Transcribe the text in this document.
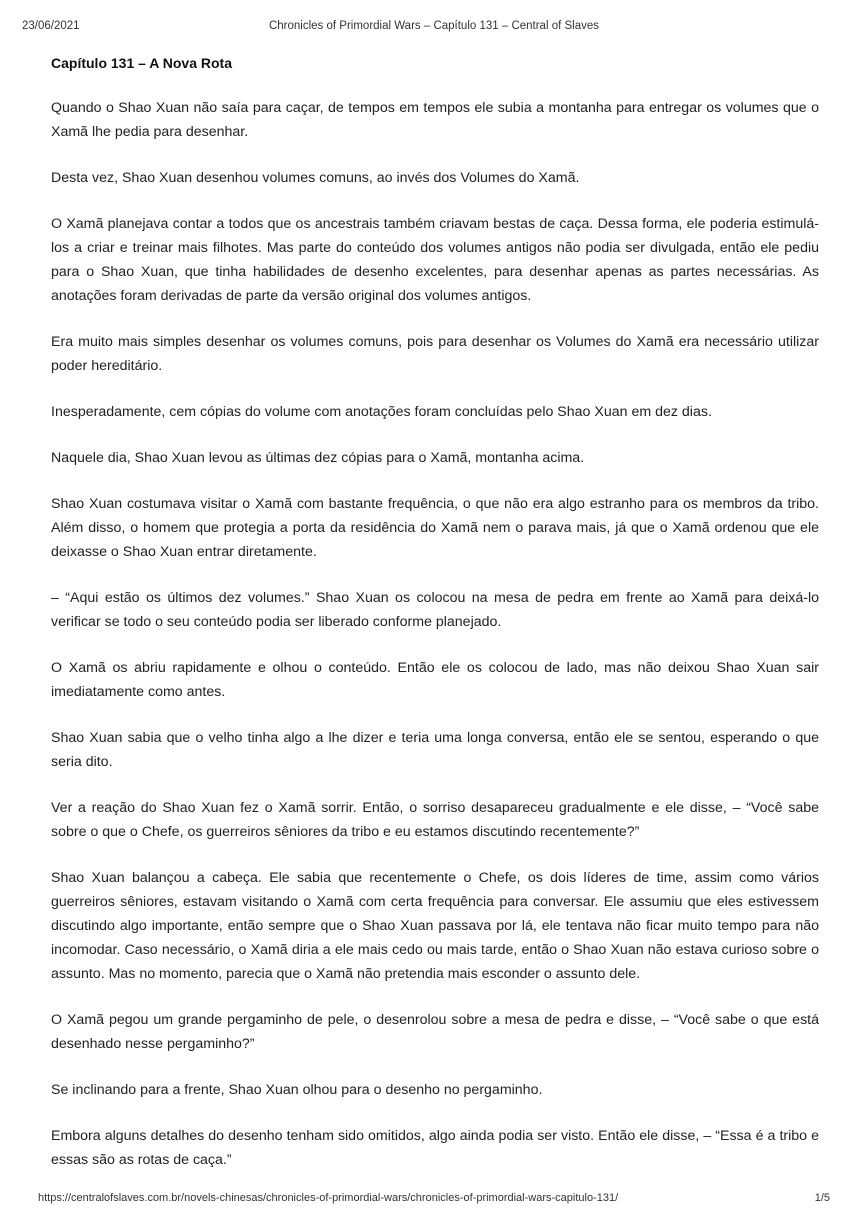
23/06/2021	Chronicles of Primordial Wars – Capítulo 131 – Central of Slaves
Capítulo 131 – A Nova Rota

Quando o Shao Xuan não saía para caçar, de tempos em tempos ele subia a montanha para entregar os volumes que o Xamã lhe pedia para desenhar.

Desta vez, Shao Xuan desenhou volumes comuns, ao invés dos Volumes do Xamã.

O Xamã planejava contar a todos que os ancestrais também criavam bestas de caça. Dessa forma, ele poderia estimulá-los a criar e treinar mais filhotes. Mas parte do conteúdo dos volumes antigos não podia ser divulgada, então ele pediu para o Shao Xuan, que tinha habilidades de desenho excelentes, para desenhar apenas as partes necessárias. As anotações foram derivadas de parte da versão original dos volumes antigos.

Era muito mais simples desenhar os volumes comuns, pois para desenhar os Volumes do Xamã era necessário utilizar poder hereditário.

Inesperadamente, cem cópias do volume com anotações foram concluídas pelo Shao Xuan em dez dias.

Naquele dia, Shao Xuan levou as últimas dez cópias para o Xamã, montanha acima.

Shao Xuan costumava visitar o Xamã com bastante frequência, o que não era algo estranho para os membros da tribo. Além disso, o homem que protegia a porta da residência do Xamã nem o parava mais, já que o Xamã ordenou que ele deixasse o Shao Xuan entrar diretamente.

– “Aqui estão os últimos dez volumes.” Shao Xuan os colocou na mesa de pedra em frente ao Xamã para deixá-lo verificar se todo o seu conteúdo podia ser liberado conforme planejado.

O Xamã os abriu rapidamente e olhou o conteúdo. Então ele os colocou de lado, mas não deixou Shao Xuan sair imediatamente como antes.

Shao Xuan sabia que o velho tinha algo a lhe dizer e teria uma longa conversa, então ele se sentou, esperando o que seria dito.

Ver a reação do Shao Xuan fez o Xamã sorrir. Então, o sorriso desapareceu gradualmente e ele disse, – “Você sabe sobre o que o Chefe, os guerreiros sêniores da tribo e eu estamos discutindo recentemente?”

Shao Xuan balançou a cabeça. Ele sabia que recentemente o Chefe, os dois líderes de time, assim como vários guerreiros sêniores, estavam visitando o Xamã com certa frequência para conversar. Ele assumiu que eles estivessem discutindo algo importante, então sempre que o Shao Xuan passava por lá, ele tentava não ficar muito tempo para não incomodar. Caso necessário, o Xamã diria a ele mais cedo ou mais tarde, então o Shao Xuan não estava curioso sobre o assunto. Mas no momento, parecia que o Xamã não pretendia mais esconder o assunto dele.

O Xamã pegou um grande pergaminho de pele, o desenrolou sobre a mesa de pedra e disse, – “Você sabe o que está desenhado nesse pergaminho?”

Se inclinando para a frente, Shao Xuan olhou para o desenho no pergaminho.

Embora alguns detalhes do desenho tenham sido omitidos, algo ainda podia ser visto. Então ele disse, – “Essa é a tribo e essas são as rotas de caça.”

https://centralofslaves.com.br/novels-chinesas/chronicles-of-primordial-wars/chronicles-of-primordial-wars-capitulo-131/	1/5
